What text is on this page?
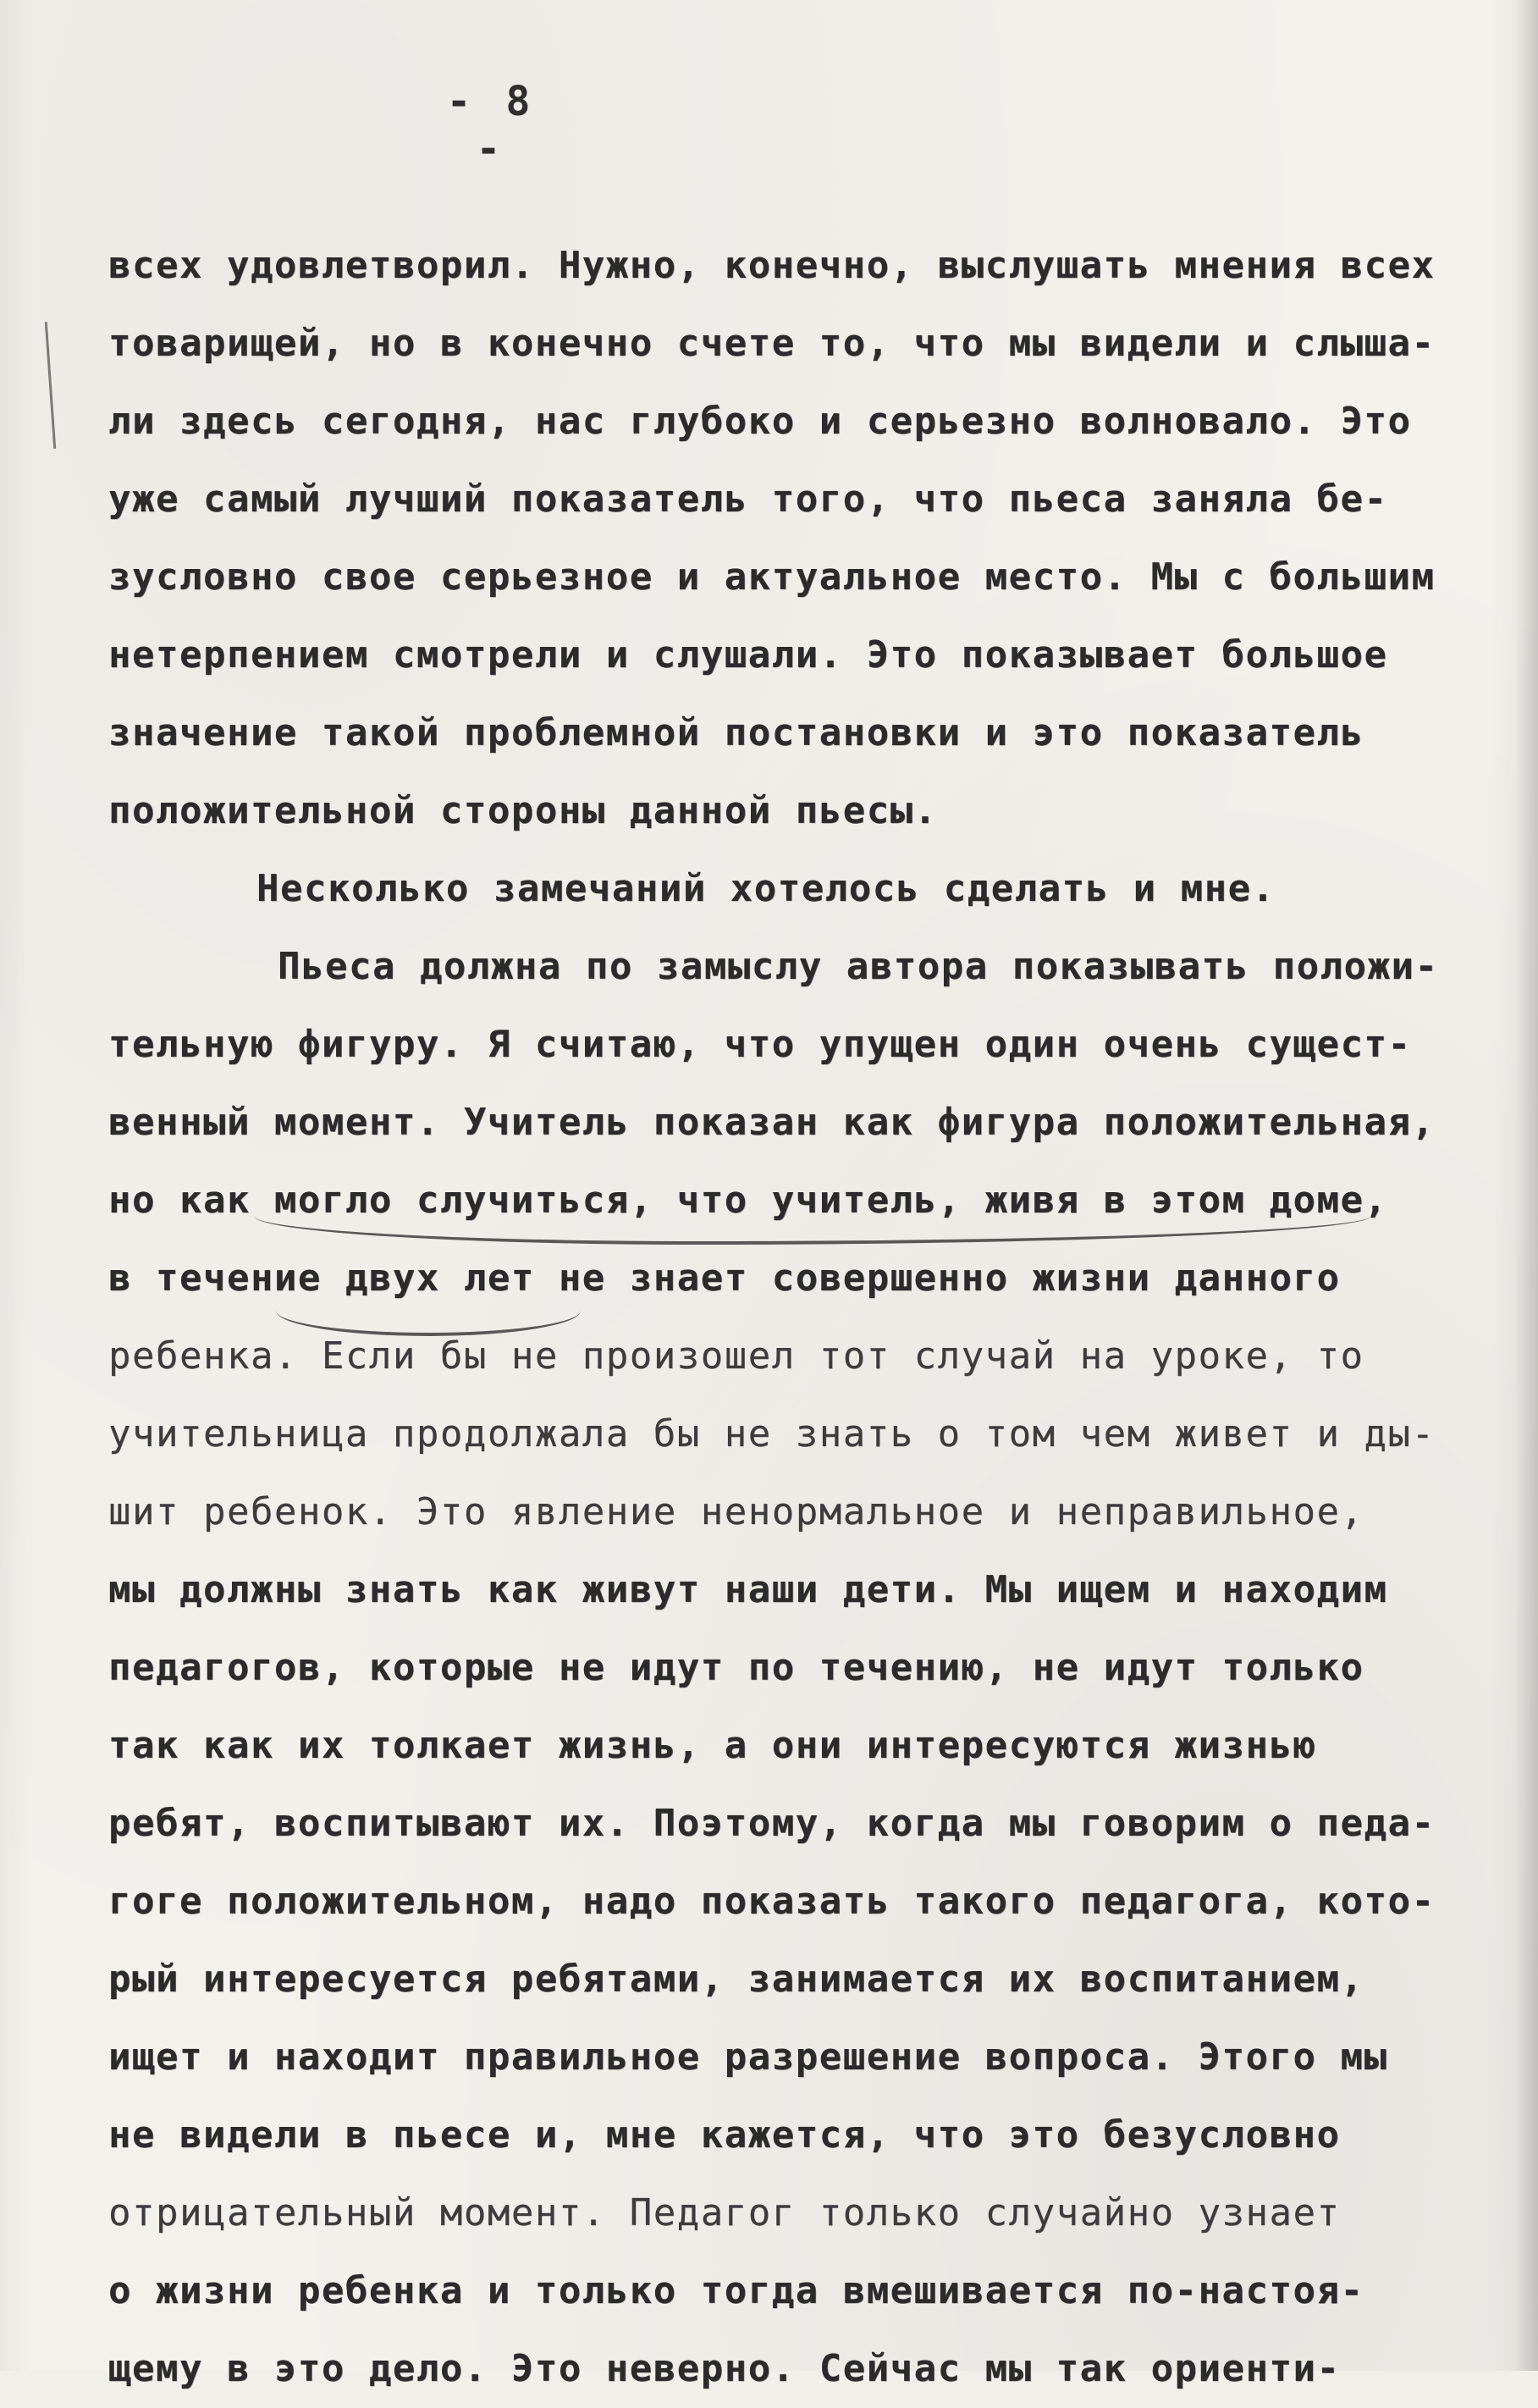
- 8 -
всех удовлетворил. Нужно, конечно, выслушать мнения всех
товарищей, но в конечно счете то, что мы видели и слыша-
ли здесь сегодня, нас глубоко и серьезно волновало. Это
уже самый лучший показатель того, что пьеса заняла бе-
зусловно свое серьезное и актуальное место. Мы с большим
нетерпением смотрели и слушали. Это показывает большое
значение такой проблемной постановки и это показатель
положительной стороны данной пьесы.
Несколько замечаний хотелось сделать и мне.
Пьеса должна по замыслу автора показывать положи-
тельную фигуру. Я считаю, что упущен один очень сущест-
венный момент. Учитель показан как фигура положительная,
но как могло случиться, что учитель, живя в этом доме,
в течение двух лет не знает совершенно жизни данного
ребенка. Если бы не произошел тот случай на уроке, то
учительница продолжала бы не знать о том чем живет и ды-
шит ребенок. Это явление ненормальное и неправильное,
мы должны знать как живут наши дети. Мы ищем и находим
педагогов, которые не идут по течению, не идут только
так как их толкает жизнь, а они интересуются жизнью
ребят, воспитывают их. Поэтому, когда мы говорим о педа-
гоге положительном, надо показать такого педагога, кото-
рый интересуется ребятами, занимается их воспитанием,
ищет и находит правильное разрешение вопроса. Этого мы
не видели в пьесе и, мне кажется, что это безусловно
отрицательный момент. Педагог только случайно узнает
о жизни ребенка и только тогда вмешивается по-настоя-
щему в это дело. Это неверно. Сейчас мы так ориенти-
